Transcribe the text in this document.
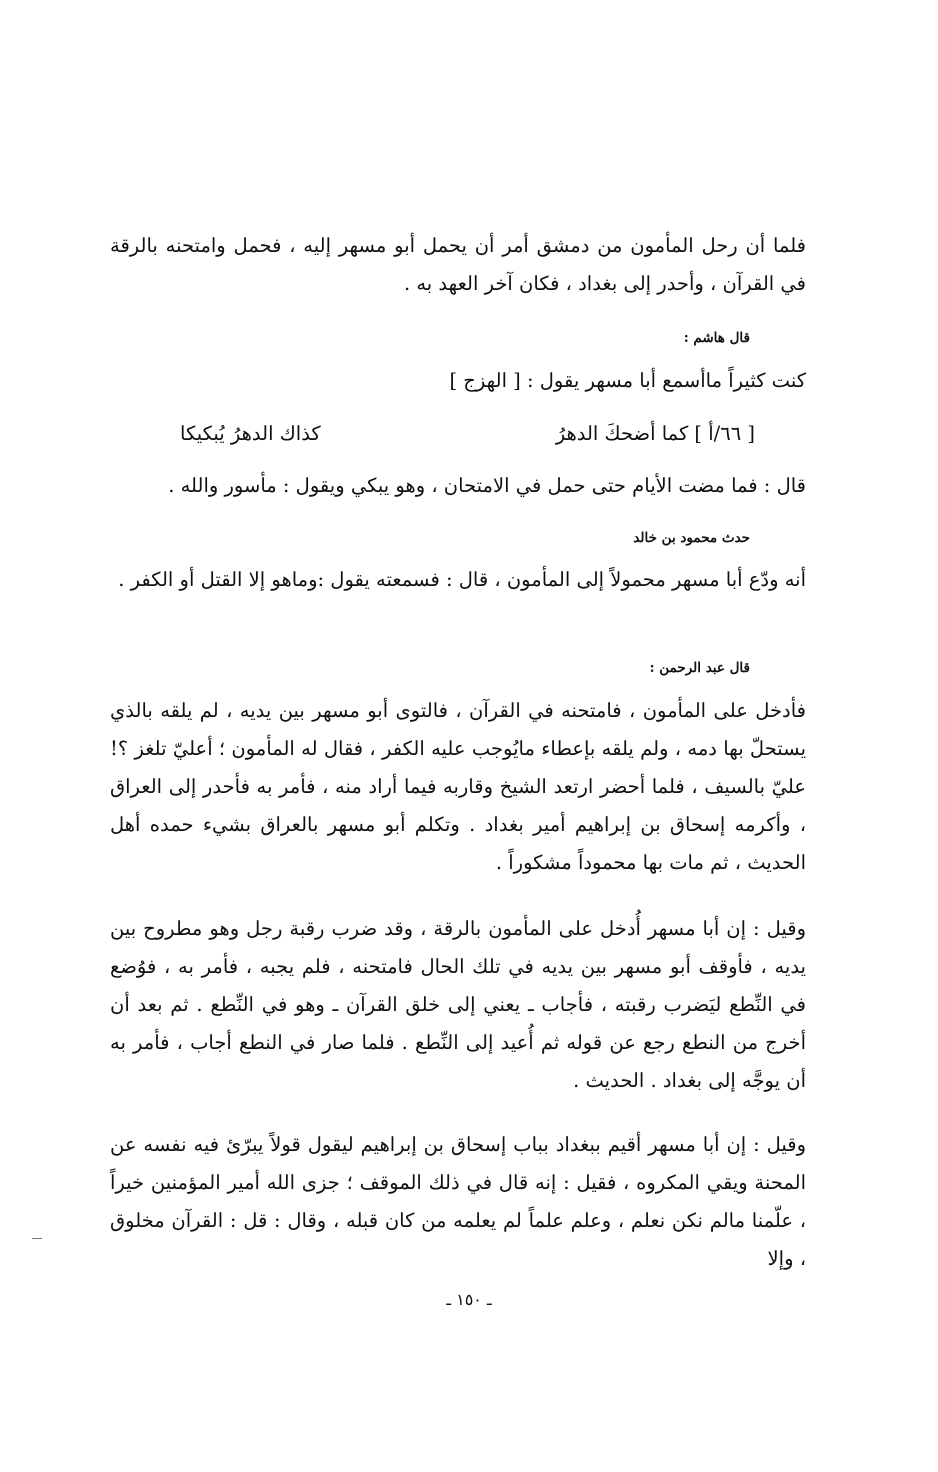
فلما أن رحل المأمون من دمشق أمر أن يحمل أبو مسهر إليه ، فحمل وامتحنه بالرقة في القرآن ، وأحدر إلى بغداد ، فكان آخر العهد به .

قال هاشم :

كنت كثيراً ماأسمع أبا مسهر يقول : [ الهزج ]

[ ٦٦/أ ] كما أضحكَ الدهرُ
كذاك الدهرُ يُبكيكا

قال : فما مضت الأيام حتى حمل في الامتحان ، وهو يبكي ويقول : مأسور والله .

حدث محمود بن خالد

أنه ودّع أبا مسهر محمولاً إلى المأمون ، قال : فسمعته يقول :وماهو إلا القتل أو الكفر .

قال عبد الرحمن :

فأدخل على المأمون ، فامتحنه في القرآن ، فالتوى أبو مسهر بين يديه ، لم يلقه بالذي يستحلّ بها دمه ، ولم يلقه بإعطاء مايُوجب عليه الكفر ، فقال له المأمون ؛ أعليّ تلغز ؟! عليّ بالسيف ، فلما أحضر ارتعد الشيخ وقاربه فيما أراد منه ، فأمر به فأحدر إلى العراق ، وأكرمه إسحاق بن إبراهيم أمير بغداد . وتكلم أبو مسهر بالعراق بشيء حمده أهل الحديث ، ثم مات بها محموداً مشكوراً .

وقيل : إن أبا مسهر أُدخل على المأمون بالرقة ، وقد ضرب رقبة رجل وهو مطروح بين يديه ، فأوقف أبو مسهر بين يديه في تلك الحال فامتحنه ، فلم يجبه ، فأمر به ، فوُضع في النِّطع ليَضرب رقبته ، فأجاب ـ يعني إلى خلق القرآن ـ وهو في النِّطع . ثم بعد أن أخرج من النطع رجع عن قوله ثم أُعيد إلى النِّطع . فلما صار في النطع أجاب ، فأمر به أن يوجَّه إلى بغداد . الحديث .

وقيل : إن أبا مسهر أقيم ببغداد بباب إسحاق بن إبراهيم ليقول قولاً يبرّئ فيه نفسه عن المحنة ويقي المكروه ، فقيل : إنه قال في ذلك الموقف ؛ جزى الله أمير المؤمنين خيراً ، علّمنا مالم نكن نعلم ، وعلم علماً لم يعلمه من كان قبله ، وقال : قل : القرآن مخلوق ، وإلا

ـ ١٥٠ ـ
